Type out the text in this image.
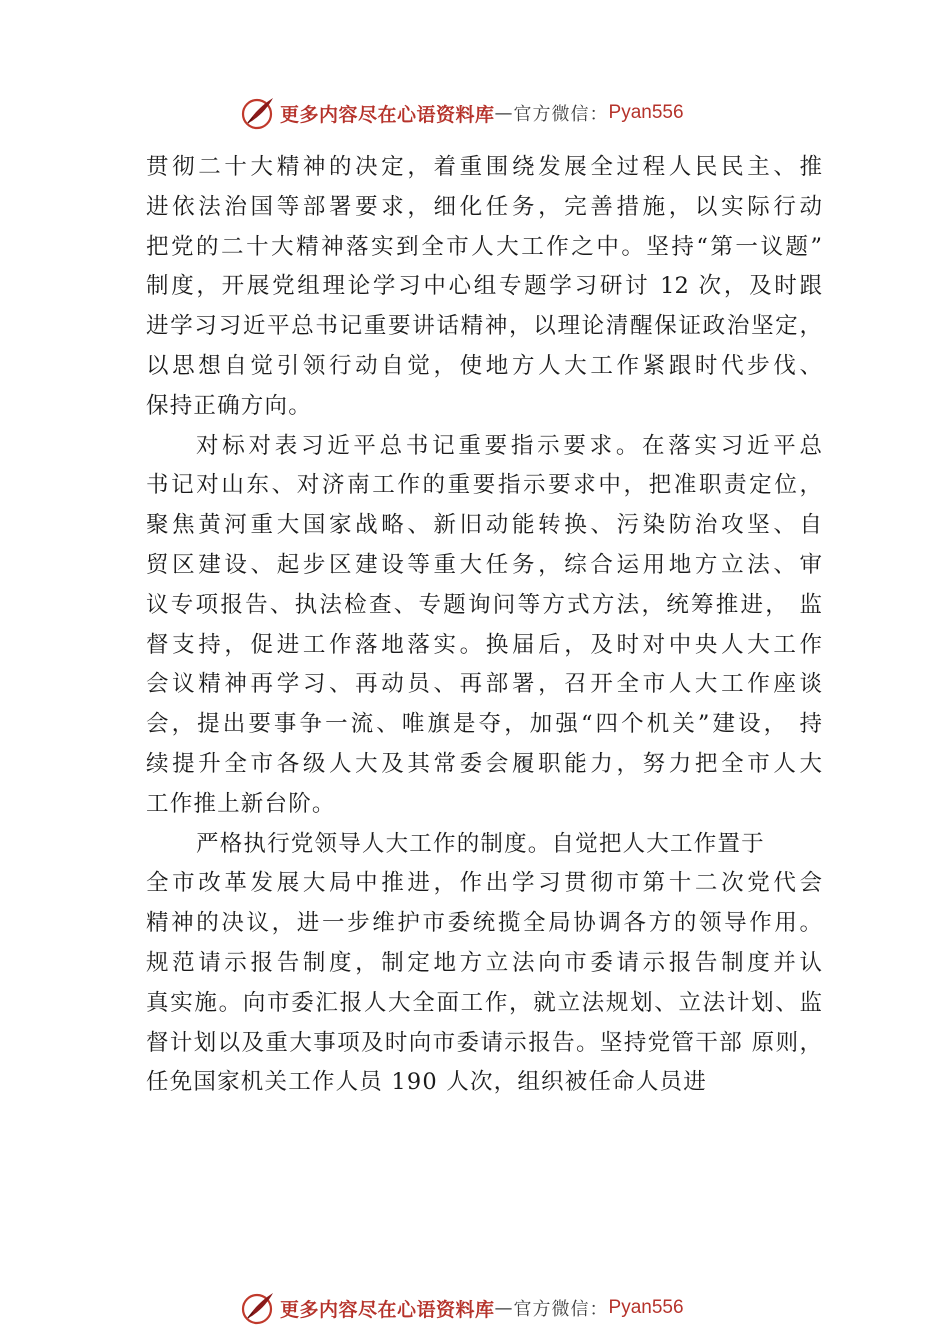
更多内容尽在心语资料库 — 官方微信： Pyan556
贯彻二十大精神的决定，着重围绕发展全过程人民民主、推
进依法治国等部署要求，细化任务，完善措施，以实际行动
把党的二十大精神落实到全市人大工作之中。坚持“第一议题”
制度，开展党组理论学习中心组专题学习研讨 12 次，及时跟
进学习习近平总书记重要讲话精神，以理论清醒保证政治坚定，
以思想自觉引领行动自觉，使地方人大工作紧跟时代步伐、
保持正确方向。
对标对表习近平总书记重要指示要求。在落实习近平总
书记对山东、对济南工作的重要指示要求中，把准职责定位，
聚焦黄河重大国家战略、新旧动能转换、污染防治攻坚、自
贸区建设、起步区建设等重大任务，综合运用地方立法、审
议专项报告、执法检查、专题询问等方式方法，统筹推进， 监
督支持，促进工作落地落实。换届后，及时对中央人大工作
会议精神再学习、再动员、再部署，召开全市人大工作座谈
会，提出要事争一流、唯旗是夺，加强“四个机关”建设， 持
续提升全市各级人大及其常委会履职能力，努力把全市人大
工作推上新台阶。
严格执行党领导人大工作的制度。自觉把人大工作置于
全市改革发展大局中推进，作出学习贯彻市第十二次党代会
精神的决议，进一步维护市委统揽全局协调各方的领导作用。
规范请示报告制度，制定地方立法向市委请示报告制度并认
真实施。向市委汇报人大全面工作，就立法规划、立法计划、监
督计划以及重大事项及时向市委请示报告。坚持党管干部 原则，
任免国家机关工作人员 190 人次，组织被任命人员进
更多内容尽在心语资料库 — 官方微信： Pyan556
